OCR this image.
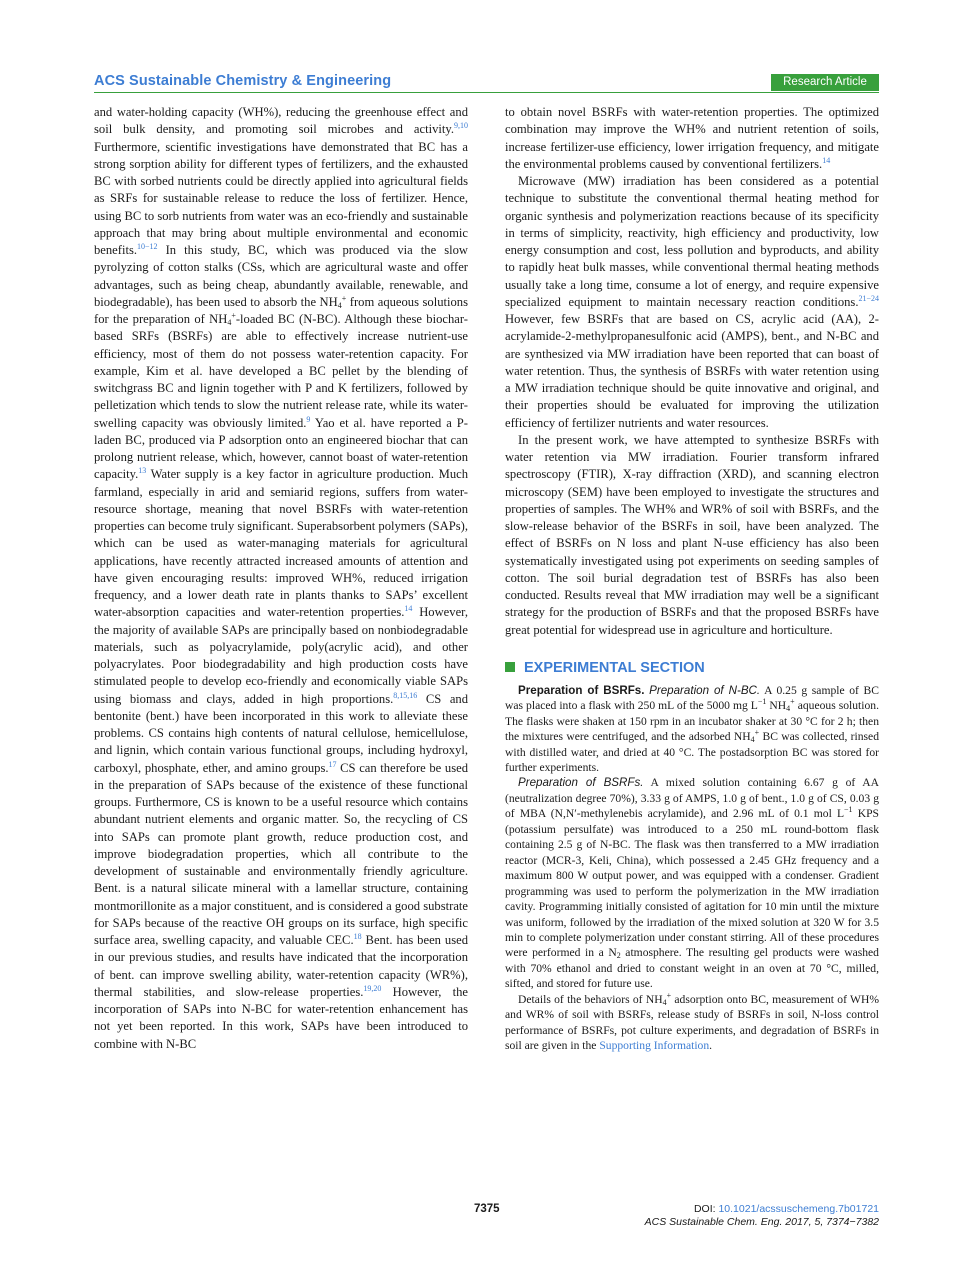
ACS Sustainable Chemistry & Engineering	Research Article

and water-holding capacity (WH%), reducing the greenhouse effect and soil bulk density, and promoting soil microbes and activity.$^{9,10}$ Furthermore, scientific investigations have demonstrated that BC has a strong sorption ability for different types of fertilizers, and the exhausted BC with sorbed nutrients could be directly applied into agricultural fields as SRFs for sustainable release to reduce the loss of fertilizer. Hence, using BC to sorb nutrients from water was an eco-friendly and sustainable approach that may bring about multiple environmental and economic benefits.$^{10-12}$ In this study, BC, which was produced via the slow pyrolyzing of cotton stalks (CSs, which are agricultural waste and offer advantages, such as being cheap, abundantly available, renewable, and biodegradable), has been used to absorb the $NH_4^+$ from aqueous solutions for the preparation of $NH_4^+$-loaded BC (N-BC). Although these biochar-based SRFs (BSRFs) are able to effectively increase nutrient-use efficiency, most of them do not possess water-retention capacity. For example, Kim et al. have developed a BC pellet by the blending of switchgrass BC and lignin together with P and K fertilizers, followed by pelletization which tends to slow the nutrient release rate, while its water-swelling capacity was obviously limited.$^9$ Yao et al. have reported a P-laden BC, produced via P adsorption onto an engineered biochar that can prolong nutrient release, which, however, cannot boast of water-retention capacity.$^{13}$ Water supply is a key factor in agriculture production. Much farmland, especially in arid and semiarid regions, suffers from water-resource shortage, meaning that novel BSRFs with water-retention properties can become truly significant. Superabsorbent polymers (SAPs), which can be used as water-managing materials for agricultural applications, have recently attracted increased amounts of attention and have given encouraging results: improved WH%, reduced irrigation frequency, and a lower death rate in plants thanks to SAPs’ excellent water-absorption capacities and water-retention properties.$^{14}$ However, the majority of available SAPs are principally based on nonbiodegradable materials, such as polyacrylamide, poly(acrylic acid), and other polyacrylates. Poor biodegradability and high production costs have stimulated people to develop eco-friendly and economically viable SAPs using biomass and clays, added in high proportions.$^{8,15,16}$ CS and bentonite (bent.) have been incorporated in this work to alleviate these problems. CS contains high contents of natural cellulose, hemicellulose, and lignin, which contain various functional groups, including hydroxyl, carboxyl, phosphate, ether, and amino groups.$^{17}$ CS can therefore be used in the preparation of SAPs because of the existence of these functional groups. Furthermore, CS is known to be a useful resource which contains abundant nutrient elements and organic matter. So, the recycling of CS into SAPs can promote plant growth, reduce production cost, and improve biodegradation properties, which all contribute to the development of sustainable and environmentally friendly agriculture. Bent. is a natural silicate mineral with a lamellar structure, containing montmorillonite as a major constituent, and is considered a good substrate for SAPs because of the reactive OH groups on its surface, high specific surface area, swelling capacity, and valuable CEC.$^{18}$ Bent. has been used in our previous studies, and results have indicated that the incorporation of bent. can improve swelling ability, water-retention capacity (WR%), thermal stabilities, and slow-release properties.$^{19,20}$ However, the incorporation of SAPs into N-BC for water-retention enhancement has not yet been reported. In this work, SAPs have been introduced to combine with N-BC

to obtain novel BSRFs with water-retention properties. The optimized combination may improve the WH% and nutrient retention of soils, increase fertilizer-use efficiency, lower irrigation frequency, and mitigate the environmental problems caused by conventional fertilizers.$^{14}$

Microwave (MW) irradiation has been considered as a potential technique to substitute the conventional thermal heating method for organic synthesis and polymerization reactions because of its specificity in terms of simplicity, reactivity, high efficiency and productivity, low energy consumption and cost, less pollution and byproducts, and ability to rapidly heat bulk masses, while conventional thermal heating methods usually take a long time, consume a lot of energy, and require expensive specialized equipment to maintain necessary reaction conditions.$^{21-24}$ However, few BSRFs that are based on CS, acrylic acid (AA), 2-acrylamide-2-methylpropanesulfonic acid (AMPS), bent., and N-BC and are synthesized via MW irradiation have been reported that can boast of water retention. Thus, the synthesis of BSRFs with water retention using a MW irradiation technique should be quite innovative and original, and their properties should be evaluated for improving the utilization efficiency of fertilizer nutrients and water resources.

In the present work, we have attempted to synthesize BSRFs with water retention via MW irradiation. Fourier transform infrared spectroscopy (FTIR), X-ray diffraction (XRD), and scanning electron microscopy (SEM) have been employed to investigate the structures and properties of samples. The WH% and WR% of soil with BSRFs, and the slow-release behavior of the BSRFs in soil, have been analyzed. The effect of BSRFs on N loss and plant N-use efficiency has also been systematically investigated using pot experiments on seeding samples of cotton. The soil burial degradation test of BSRFs has also been conducted. Results reveal that MW irradiation may well be a significant strategy for the production of BSRFs and that the proposed BSRFs have great potential for widespread use in agriculture and horticulture.

EXPERIMENTAL SECTION

Preparation of BSRFs. Preparation of N-BC. A 0.25 g sample of BC was placed into a flask with 250 mL of the 5000 mg $L^{-1}$ $NH_4^+$ aqueous solution. The flasks were shaken at 150 rpm in an incubator shaker at 30 °C for 2 h; then the mixtures were centrifuged, and the adsorbed $NH_4^+$ BC was collected, rinsed with distilled water, and dried at 40 °C. The postadsorption BC was stored for further experiments.

Preparation of BSRFs. A mixed solution containing 6.67 g of AA (neutralization degree 70%), 3.33 g of AMPS, 1.0 g of bent., 1.0 g of CS, 0.03 g of MBA (N,N′-methylenebis acrylamide), and 2.96 mL of 0.1 mol $L^{-1}$ KPS (potassium persulfate) was introduced to a 250 mL round-bottom flask containing 2.5 g of N-BC. The flask was then transferred to a MW irradiation reactor (MCR-3, Keli, China), which possessed a 2.45 GHz frequency and a maximum 800 W output power, and was equipped with a condenser. Gradient programming was used to perform the polymerization in the MW irradiation cavity. Programming initially consisted of agitation for 10 min until the mixture was uniform, followed by the irradiation of the mixed solution at 320 W for 3.5 min to complete polymerization under constant stirring. All of these procedures were performed in a $N_2$ atmosphere. The resulting gel products were washed with 70% ethanol and dried to constant weight in an oven at 70 °C, milled, sifted, and stored for future use.

Details of the behaviors of $NH_4^+$ adsorption onto BC, measurement of WH% and WR% of soil with BSRFs, release study of BSRFs in soil, N-loss control performance of BSRFs, pot culture experiments, and degradation of BSRFs in soil are given in the Supporting Information.

7375	DOI: 10.1021/acssuschemeng.7b01721
ACS Sustainable Chem. Eng. 2017, 5, 7374−7382
